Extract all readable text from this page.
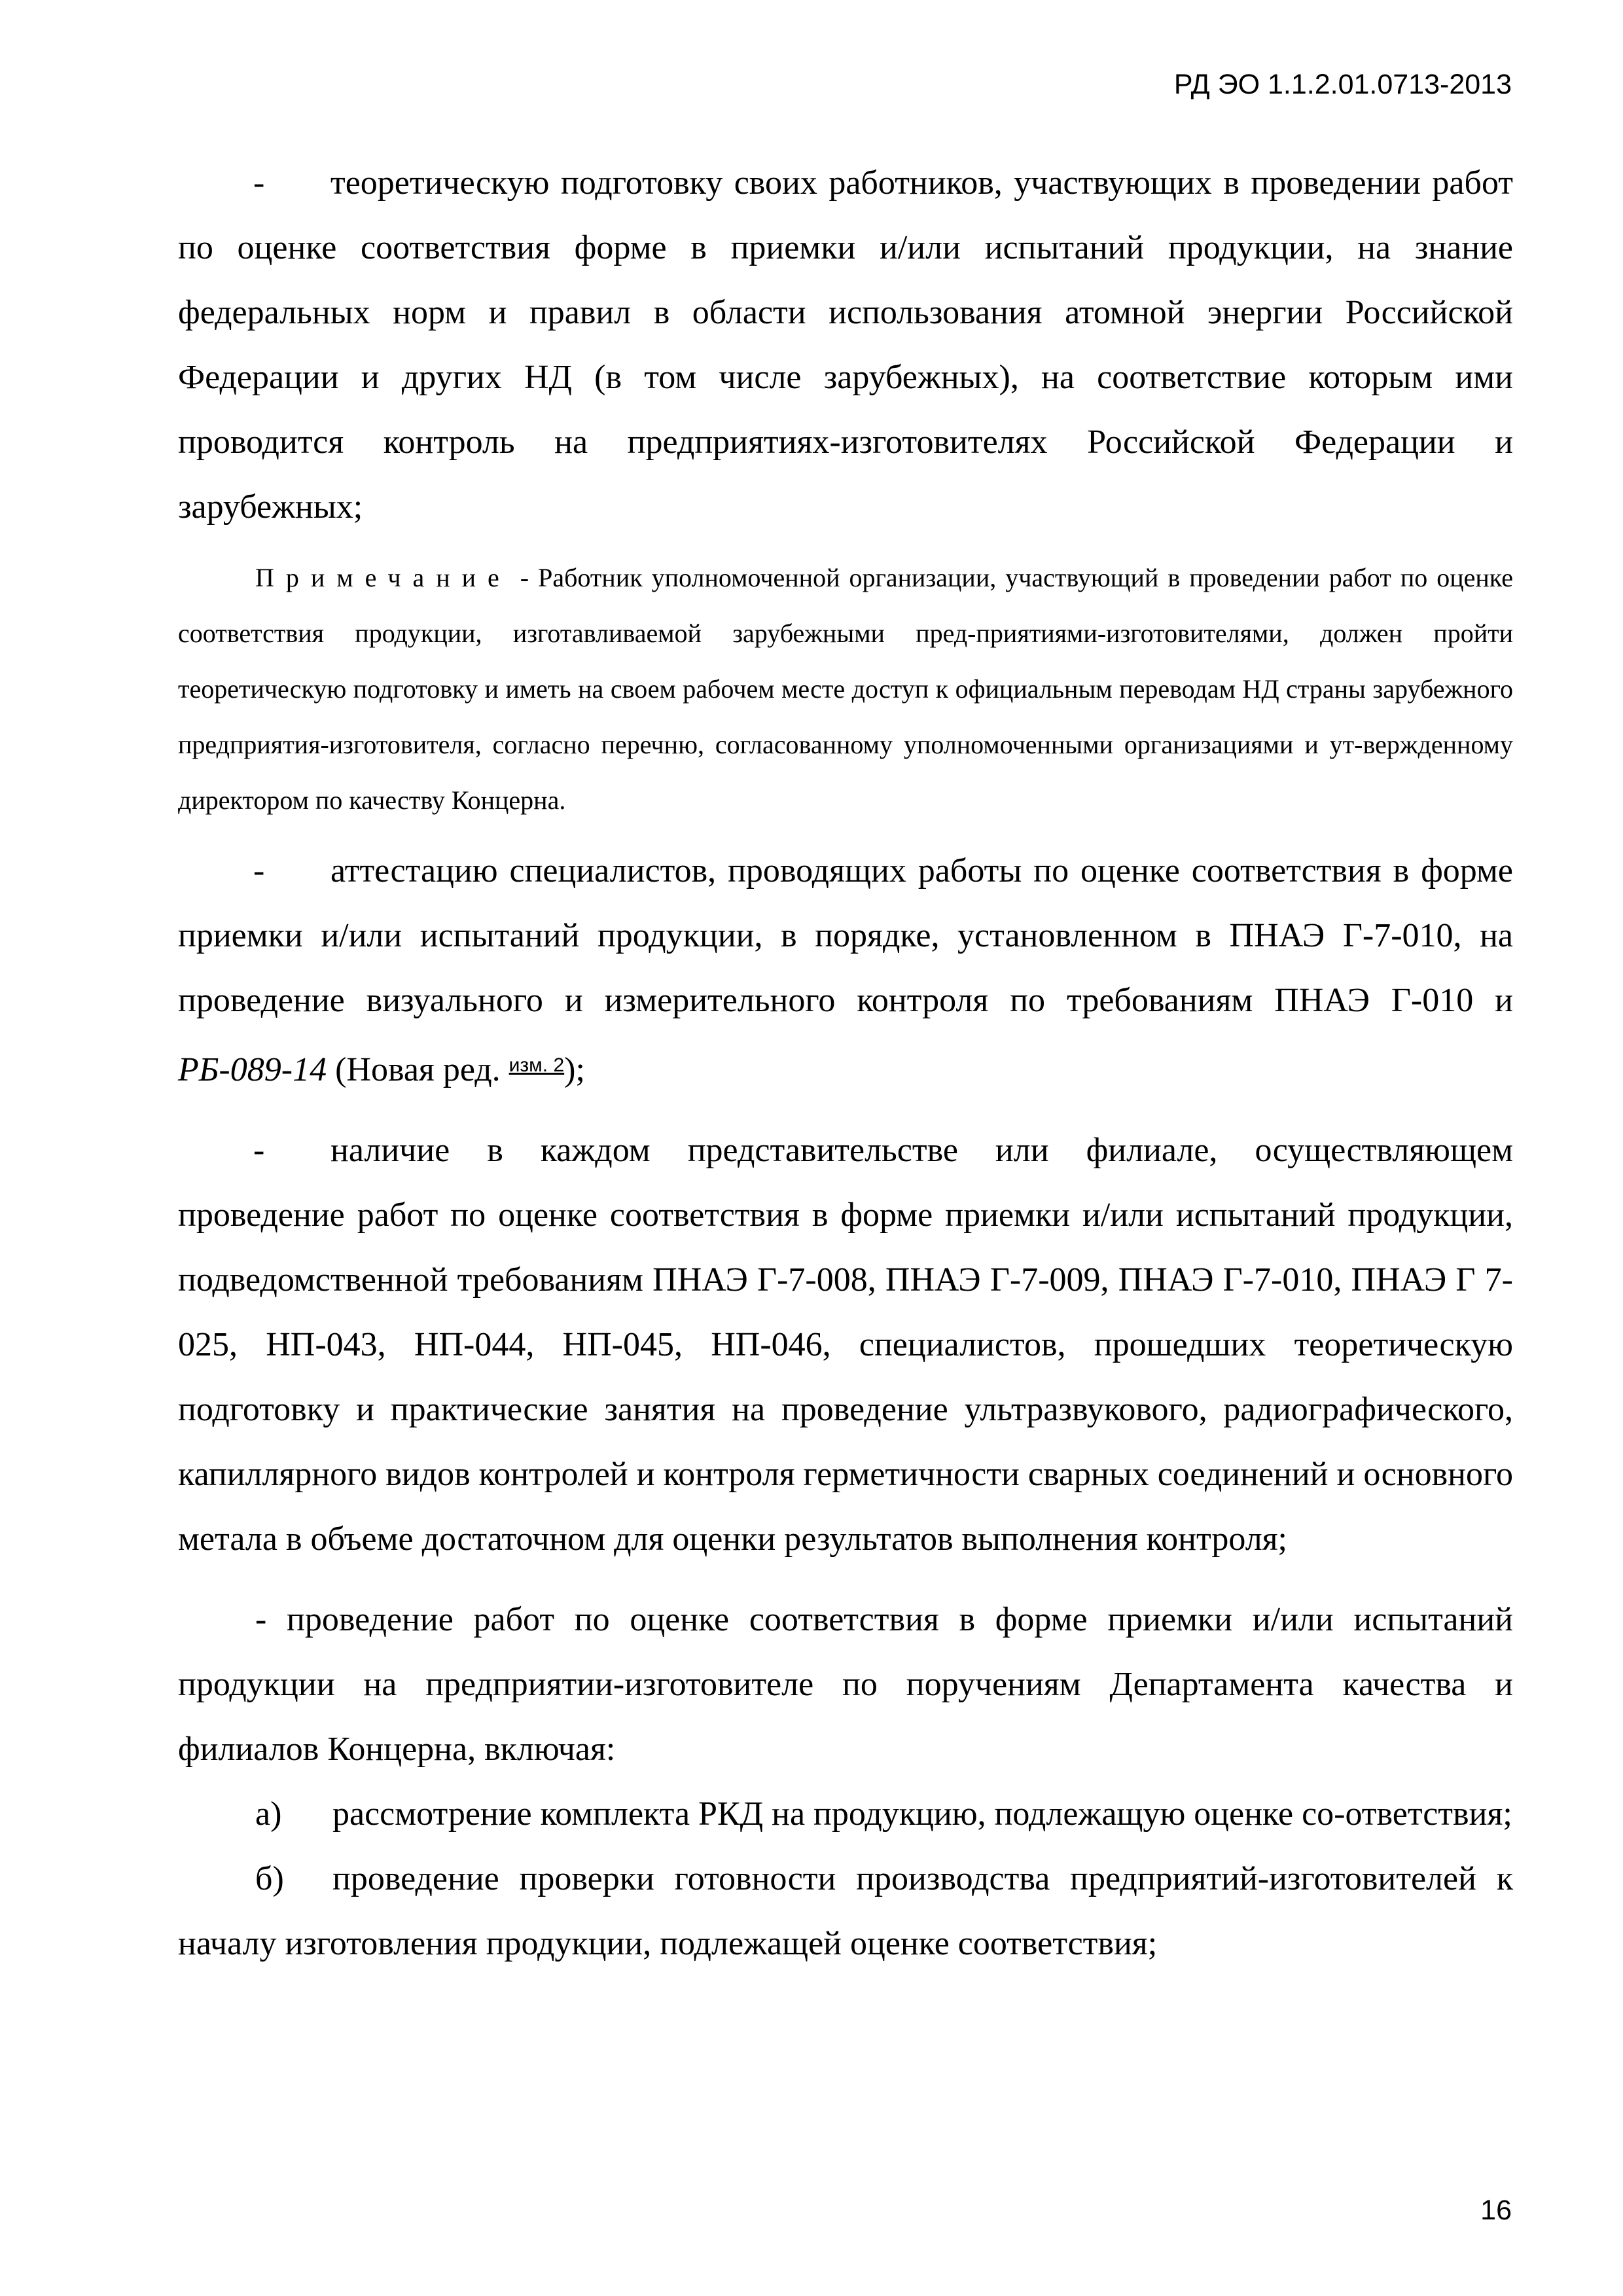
РД ЭО 1.1.2.01.0713-2013

- теоретическую подготовку своих работников, участвующих в проведении работ по оценке соответствия форме в приемки и/или испытаний продукции, на знание федеральных норм и правил в области использования атомной энергии Российской Федерации и других НД (в том числе зарубежных), на соответствие которым ими проводится контроль на предприятиях-изготовителях Российской Федерации и зарубежных;

Примечание - Работник уполномоченной организации, участвующий в проведении работ по оценке соответствия продукции, изготавливаемой зарубежными пред-приятиями-изготовителями, должен пройти теоретическую подготовку и иметь на своем рабочем месте доступ к официальным переводам НД страны зарубежного предприятия-изготовителя, согласно перечню, согласованному уполномоченными организациями и ут-вержденному директором по качеству Концерна.

- аттестацию специалистов, проводящих работы по оценке соответствия в форме приемки и/или испытаний продукции, в порядке, установленном в ПНАЭ Г-7-010, на проведение визуального и измерительного контроля по требованиям ПНАЭ Г-010 и РБ-089-14 (Новая ред. $^{изм. 2}$);

- наличие в каждом представительстве или филиале, осуществляющем проведение работ по оценке соответствия в форме приемки и/или испытаний продукции, подведомственной требованиям ПНАЭ Г-7-008, ПНАЭ Г-7-009, ПНАЭ Г-7-010, ПНАЭ Г 7-025, НП-043, НП-044, НП-045, НП-046, специалистов, прошедших теоретическую подготовку и практические занятия на проведение ультразвукового, радиографического, капиллярного видов контролей и контроля герметичности сварных соединений и основного метала в объеме достаточном для оценки результатов выполнения контроля;

- проведение работ по оценке соответствия в форме приемки и/или испытаний продукции на предприятии-изготовителе по поручениям Департамента качества и филиалов Концерна, включая:

а) рассмотрение комплекта РКД на продукцию, подлежащую оценке со-ответствия;

б) проведение проверки готовности производства предприятий-изготовителей к началу изготовления продукции, подлежащей оценке соответствия;

16
